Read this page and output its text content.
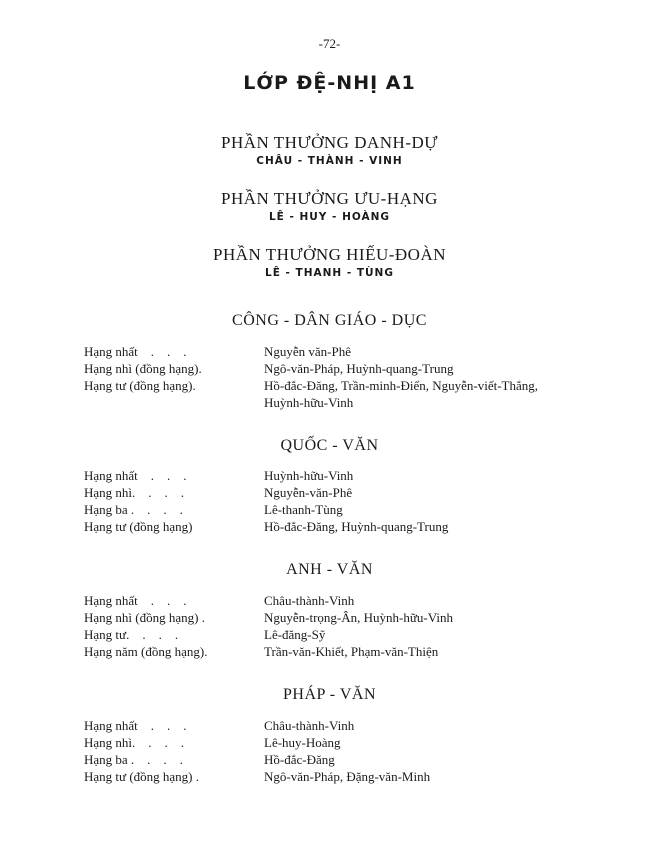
-72-
LỚP ĐỆ-NHỊ A1
PHẦN THƯỞNG DANH-DỰ
CHÂU - THÀNH - VINH
PHẦN THƯỞNG ƯU-HẠNG
LÊ - HUY - HOÀNG
PHẦN THƯỞNG HIẾU-ĐOÀN
LÊ - THANH - TÙNG
CÔNG - DÂN GIÁO - DỤC
Hạng nhất    .    .    .	Nguyễn văn-Phê
Hạng nhì (đồng hạng).	Ngô-văn-Pháp, Huỳnh-quang-Trung
Hạng tư (đồng hạng).	Hồ-đắc-Đăng, Trần-minh-Điển, Nguyễn-viết-Thắng, Huỳnh-hữu-Vinh
QUỐC - VĂN
Hạng nhất    .    .    .	Huỳnh-hữu-Vinh
Hạng nhì.    .    .    .	Nguyễn-văn-Phê
Hạng ba .    .    .    .	Lê-thanh-Tùng
Hạng tư (đồng hạng)	Hồ-đắc-Đăng, Huỳnh-quang-Trung
ANH - VĂN
Hạng nhất    .    .    .	Châu-thành-Vinh
Hạng nhì (đồng hạng) .	Nguyễn-trọng-Ân, Huỳnh-hữu-Vinh
Hạng tư.    .    .    .	Lê-đăng-Sỹ
Hạng năm (đồng hạng).	Trần-văn-Khiết, Phạm-văn-Thiện
PHÁP - VĂN
Hạng nhất    .    .    .	Châu-thành-Vinh
Hạng nhì.    .    .    .	Lê-huy-Hoàng
Hạng ba .    .    .    .	Hồ-đắc-Đăng
Hạng tư (đồng hạng) .	Ngô-văn-Pháp, Đặng-văn-Minh
